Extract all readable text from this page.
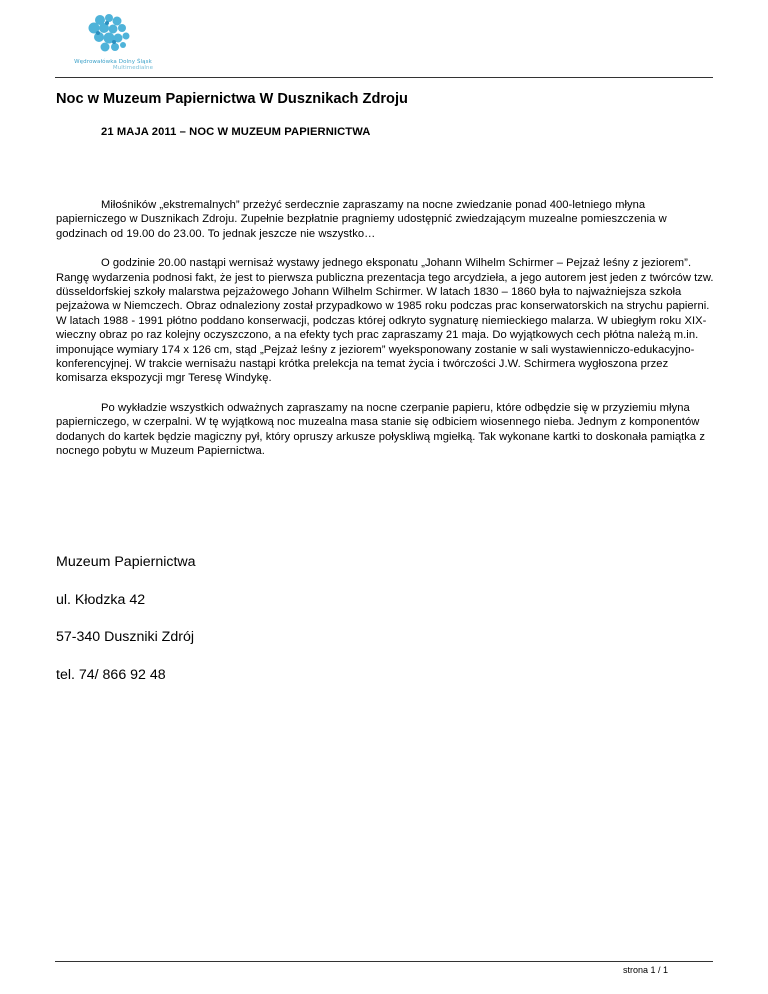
Wędrowałówka Dolny Śląsk
Multimedialne
Noc w Muzeum Papiernictwa W Dusznikach Zdroju

21 MAJA 2011 – NOC W MUZEUM PAPIERNICTWA

Miłośników „ekstremalnych” przeżyć serdecznie zapraszamy na nocne zwiedzanie ponad 400-letniego młyna papierniczego w Dusznikach Zdroju. Zupełnie bezpłatnie pragniemy udostępnić zwiedzającym muzealne pomieszczenia w godzinach od 19.00 do 23.00. To jednak jeszcze nie wszystko…

O godzinie 20.00 nastąpi wernisaż wystawy jednego eksponatu „Johann Wilhelm Schirmer – Pejzaż leśny z jeziorem”. Rangę wydarzenia podnosi fakt, że jest to pierwsza publiczna prezentacja tego arcydzieła, a jego autorem jest jeden z twórców tzw. düsseldorfskiej szkoły malarstwa pejzażowego Johann Wilhelm Schirmer. W latach 1830 – 1860 była to najważniejsza szkoła pejzażowa w Niemczech. Obraz odnaleziony został przypadkowo w 1985 roku podczas prac konserwatorskich na strychu papierni. W latach 1988 - 1991 płótno poddano konserwacji, podczas której odkryto sygnaturę niemieckiego malarza. W ubiegłym roku XIX-wieczny obraz po raz kolejny oczyszczono, a na efekty tych prac zapraszamy 21 maja. Do wyjątkowych cech płótna należą m.in. imponujące wymiary 174 x 126 cm, stąd „Pejzaż leśny z jeziorem” wyeksponowany zostanie w sali wystawienniczo-edukacyjno-konferencyjnej. W trakcie wernisażu nastąpi krótka prelekcja na temat życia i twórczości J.W. Schirmera wygłoszona przez komisarza ekspozycji mgr Teresę Windykę.

Po wykładzie wszystkich odważnych zapraszamy na nocne czerpanie papieru, które odbędzie się w przyziemiu młyna papierniczego, w czerpalni. W tę wyjątkową noc muzealna masa stanie się odbiciem wiosennego nieba. Jednym z komponentów dodanych do kartek będzie magiczny pył, który opruszy arkusze połyskliwą mgiełką. Tak wykonane kartki to doskonała pamiątka z nocnego pobytu w Muzeum Papiernictwa.

Muzeum Papiernictwa

ul. Kłodzka 42

57-340 Duszniki Zdrój

tel. 74/ 866 92 48

strona 1 / 1
